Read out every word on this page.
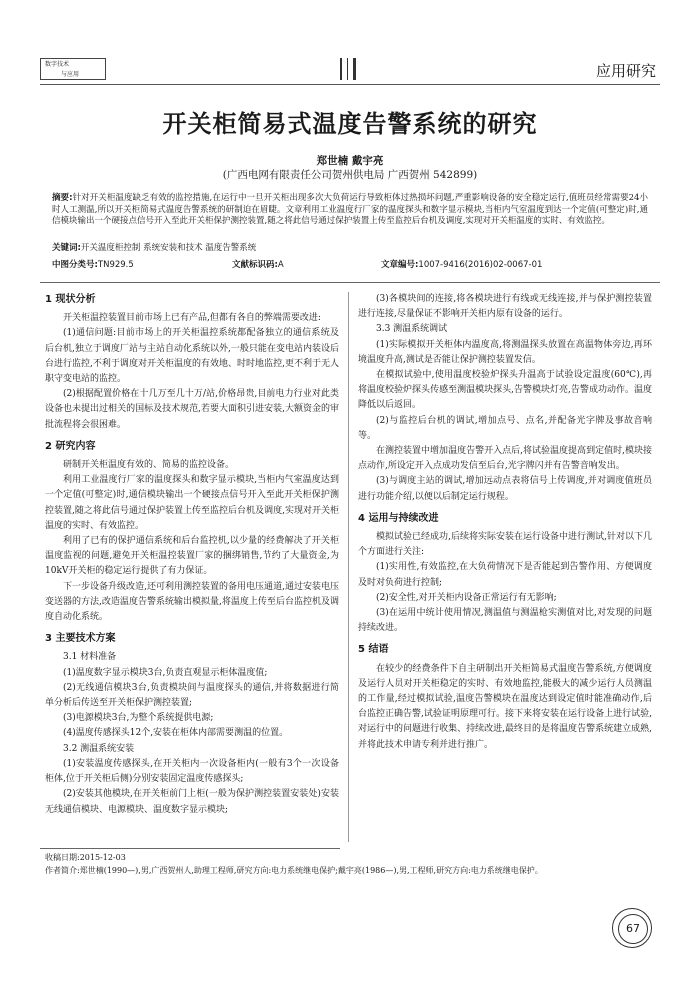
数字技术
与应用	应用研究
开关柜简易式温度告警系统的研究
郑世楠 戴宇亮
(广西电网有限责任公司贺州供电局 广西贺州 542899)
摘要:针对开关柜温度缺乏有效的监控措施,在运行中一旦开关柜出现多次大负荷运行导致柜体过热损坏问题,严重影响设备的安全稳定运行,值班员经常需要24小时人工测温,所以开关柜简易式温度告警系统的研制迫在眉睫。文章利用工业温度行厂家的温度探头和数字显示模块,当柜内气室温度到达一个定值(可整定)时,通信模块输出一个硬接点信号开入至此开关柜保护测控装置,随之将此信号通过保护装置上传至监控后台机及调度,实现对开关柜温度的实时、有效监控。
关键词:开关温度柜控制 系统安装和技术 温度告警系统
中图分类号:TN929.5	文献标识码:A	文章编号:1007-9416(2016)02-0067-01
1 现状分析

开关柜温控装置目前市场上已有产品,但都有各自的弊端需要改进:

(1)通信问题:目前市场上的开关柜温控系统都配备独立的通信系统及后台机,独立于调度厂站与主站自动化系统以外,一般只能在变电站内装设后台进行监控,不利于调度对开关柜温度的有效地、时时地监控,更不利于无人职守变电站的监控。

(2)根据配置价格在十几万至几十万/站,价格昂贵,目前电力行业对此类设备也未提出过相关的国标及技术规范,若要大面积引进安装,大额资金的审批流程将会很困难。

2 研究内容

研制开关柜温度有效的、简易的监控设备。

利用工业温度行厂家的温度探头和数字显示模块,当柜内气室温度达到一个定值(可整定)时,通信模块输出一个硬接点信号开入至此开关柜保护测控装置,随之将此信号通过保护装置上传至监控后台机及调度,实现对开关柜温度的实时、有效监控。

利用了已有的保护通信系统和后台监控机,以少量的经费解决了开关柜温度监视的问题,避免开关柜温控装置厂家的捆绑销售,节约了大量资金,为10kV开关柜的稳定运行提供了有力保证。

下一步设备升级改造,还可利用测控装置的备用电压通道,通过安装电压变送器的方法,改造温度告警系统输出模拟量,将温度上传至后台监控机及调度自动化系统。

3 主要技术方案
3.1 材料准备

(1)温度数字显示模块3台,负责直观显示柜体温度值;

(2)无线通信模块3台,负责模块间与温度探头的通信,并将数据进行简单分析后传送至开关柜保护测控装置;

(3)电源模块3台,为整个系统提供电源;

(4)温度传感探头12个,安装在柜体内部需要测温的位置。

3.2 测温系统安装

(1)安装温度传感探头,在开关柜内一次设备柜内(一般有3个一次设备柜体,位于开关柜后侧)分别安装固定温度传感探头;

(2)安装其他模块,在开关柜前门上柜(一般为保护测控装置安装处)安装无线通信模块、电源模块、温度数字显示模块;

(3)各模块间的连接,将各模块进行有线或无线连接,并与保护测控装置进行连接,尽量保证不影响开关柜内原有设备的运行。

3.3 测温系统调试

(1)实际模拟开关柜体内温度高,将测温探头放置在高温物体旁边,再环境温度升高,测试是否能让保护测控装置发信。

在模拟试验中,使用温度校验炉探头升温高于试验设定温度(60℃),再将温度校验炉探头传感至测温模块探头,告警模块灯亮,告警成功动作。温度降低以后返回。

(2)与监控后台机的调试,增加点号、点名,并配备光字牌及事故音响等。

在测控装置中增加温度告警开入点后,将试验温度提高到定值时,模块接点动作,所设定开入点成功发信至后台,光字牌闪并有告警音响发出。

(3)与调度主站的调试,增加远动点表将信号上传调度,并对调度值班员进行功能介绍,以便以后制定运行规程。

4 运用与持续改进

模拟试验已经成功,后续将实际安装在运行设备中进行测试,针对以下几个方面进行关注:

(1)实用性,有效监控,在大负荷情况下是否能起到告警作用、方便调度及时对负荷进行控制;

(2)安全性,对开关柜内设备正常运行有无影响;

(3)在运用中统计使用情况,测温值与测温枪实测值对比,对发现的问题持续改进。

5 结语

在较少的经费条件下自主研制出开关柜简易式温度告警系统,方便调度及运行人员对开关柜稳定的实时、有效地监控,能极大的减少运行人员测温的工作量,经过模拟试验,温度告警模块在温度达到设定值时能准确动作,后台监控正确告警,试验证明原理可行。接下来将安装在运行设备上进行试验,对运行中的问题进行收集、持续改进,最终目的是将温度告警系统建立成熟,并将此技术申请专利并进行推广。

收稿日期:2015-12-03
作者简介:郑世楠(1990—),男,广西贺州人,助理工程师,研究方向:电力系统继电保护;戴宇亮(1986—),男,工程师,研究方向:电力系统继电保护。
67
